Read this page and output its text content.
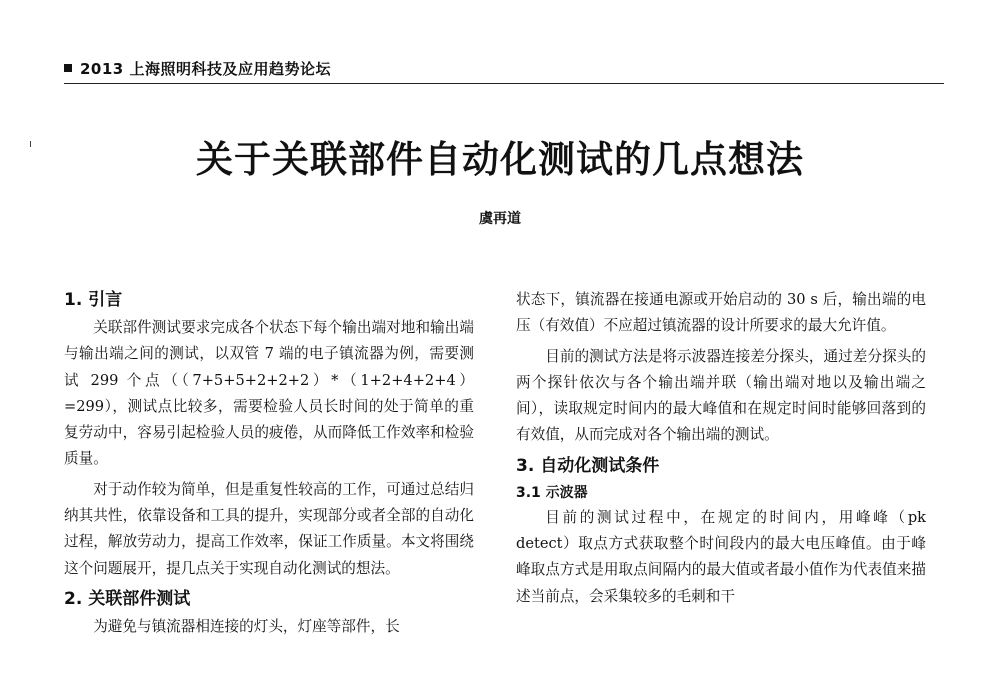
2013 上海照明科技及应用趋势论坛
关于关联部件自动化测试的几点想法
虞再道
1. 引言

关联部件测试要求完成各个状态下每个输出端对地和输出端与输出端之间的测试，以双管 7 端的电子镇流器为例，需要测试 299 个点（（7+5+5+2+2+2）*（1+2+4+2+4）=299），测试点比较多，需要检验人员长时间的处于简单的重复劳动中，容易引起检验人员的疲倦，从而降低工作效率和检验质量。

对于动作较为简单，但是重复性较高的工作，可通过总结归纳其共性，依靠设备和工具的提升，实现部分或者全部的自动化过程，解放劳动力，提高工作效率，保证工作质量。本文将围绕这个问题展开，提几点关于实现自动化测试的想法。

2. 关联部件测试

为避免与镇流器相连接的灯头，灯座等部件，长

状态下，镇流器在接通电源或开始启动的 30 s 后，输出端的电压（有效值）不应超过镇流器的设计所要求的最大允许值。

目前的测试方法是将示波器连接差分探头，通过差分探头的两个探针依次与各个输出端并联（输出端对地以及输出端之间），读取规定时间内的最大峰值和在规定时间时能够回落到的有效值，从而完成对各个输出端的测试。

3. 自动化测试条件
3.1 示波器

目前的测试过程中，在规定的时间内，用峰峰（pk detect）取点方式获取整个时间段内的最大电压峰值。由于峰峰取点方式是用取点间隔内的最大值或者最小值作为代表值来描述当前点，会采集较多的毛刺和干
